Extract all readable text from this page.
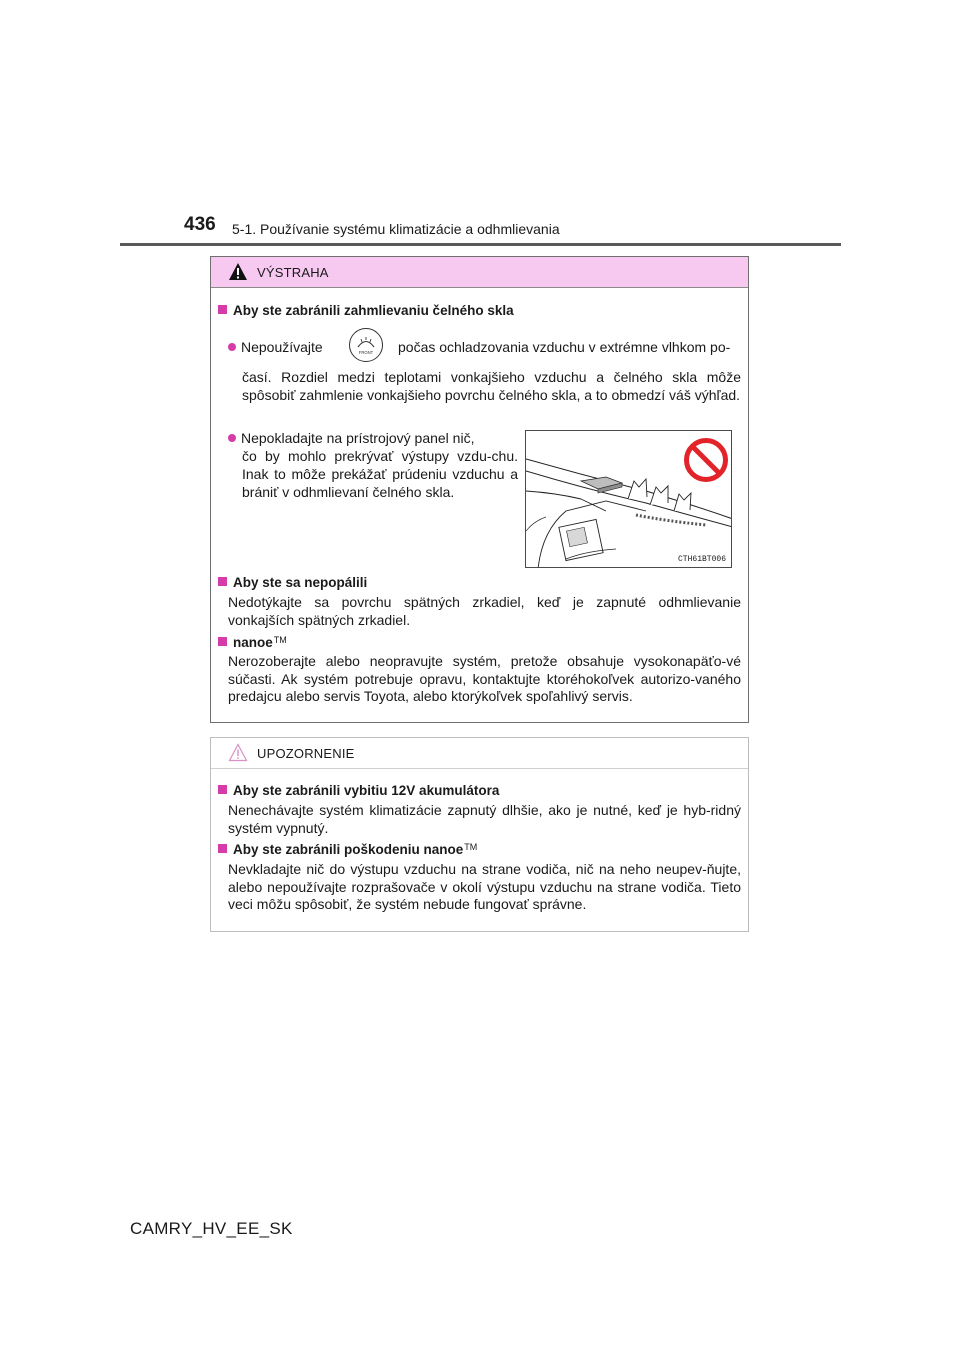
436 5-1. Používanie systému klimatizácie a odhmlievania
VÝSTRAHA
Aby ste zabránili zahmlievaniu čelného skla
Nepoužívajte	FRONT počas ochladzovania vzduchu v extrémne vlhkom po-
časí. Rozdiel medzi teplotami vonkajšieho vzduchu a čelného skla môže spôsobiť zahmlenie vonkajšieho povrchu čelného skla, a to obmedzí váš výhľad.
Nepokladajte na prístrojový panel nič,
čo by mohlo prekrývať výstupy vzdu-chu. Inak to môže prekážať prúdeniu vzduchu a brániť v odhmlievaní čelného skla.
CTH61BT006
Aby ste sa nepopálili
Nedotýkajte sa povrchu spätných zrkadiel, keď je zapnuté odhmlievanie vonkajších spätných zrkadiel.
nanoe™
Nerozoberajte alebo neopravujte systém, pretože obsahuje vysokonapäťo-vé súčasti. Ak systém potrebuje opravu, kontaktujte ktoréhokoľvek autorizo-vaného predajcu alebo servis Toyota, alebo ktorýkoľvek spoľahlivý servis.
UPOZORNENIE
Aby ste zabránili vybitiu 12V akumulátora
Nenechávajte systém klimatizácie zapnutý dlhšie, ako je nutné, keď je hyb-ridný systém vypnutý.
Aby ste zabránili poškodeniu nanoe™
Nevkladajte nič do výstupu vzduchu na strane vodiča, nič na neho neupev-ňujte, alebo nepoužívajte rozprašovače v okolí výstupu vzduchu na strane vodiča. Tieto veci môžu spôsobiť, že systém nebude fungovať správne.
CAMRY_HV_EE_SK
